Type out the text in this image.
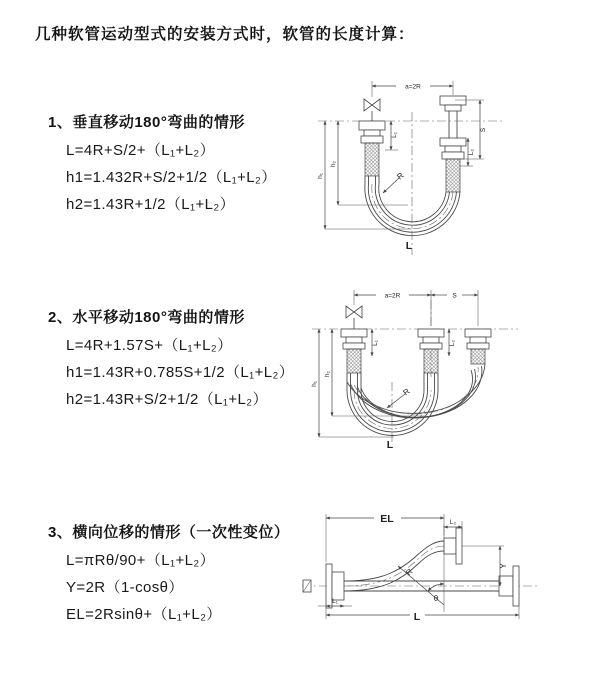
几种软管运动型式的安装方式时，软管的长度计算：
1、垂直移动180°弯曲的情形
L=4R+S/2+（L₁+L₂）
h1=1.432R+S/2+1/2（L₁+L₂）
h2=1.43R+1/2（L₁+L₂）
2、水平移动180°弯曲的情形
L=4R+1.57S+（L₁+L₂）
h1=1.43R+0.785S+1/2（L₁+L₂）
h2=1.43R+S/2+1/2（L₁+L₂）
3、横向位移的情形（一次性变位）
L=πRθ/90+（L₁+L₂）
Y=2R（1-cosθ）
EL=2Rsinθ+（L₁+L₂）
a=2R
L₁
S
L₂
h₁
h₂
R
L
a=2R	S
L₁	L₂
h₁
h₂
R
L
EL	L₂
Y
θ
R
L₁
L
